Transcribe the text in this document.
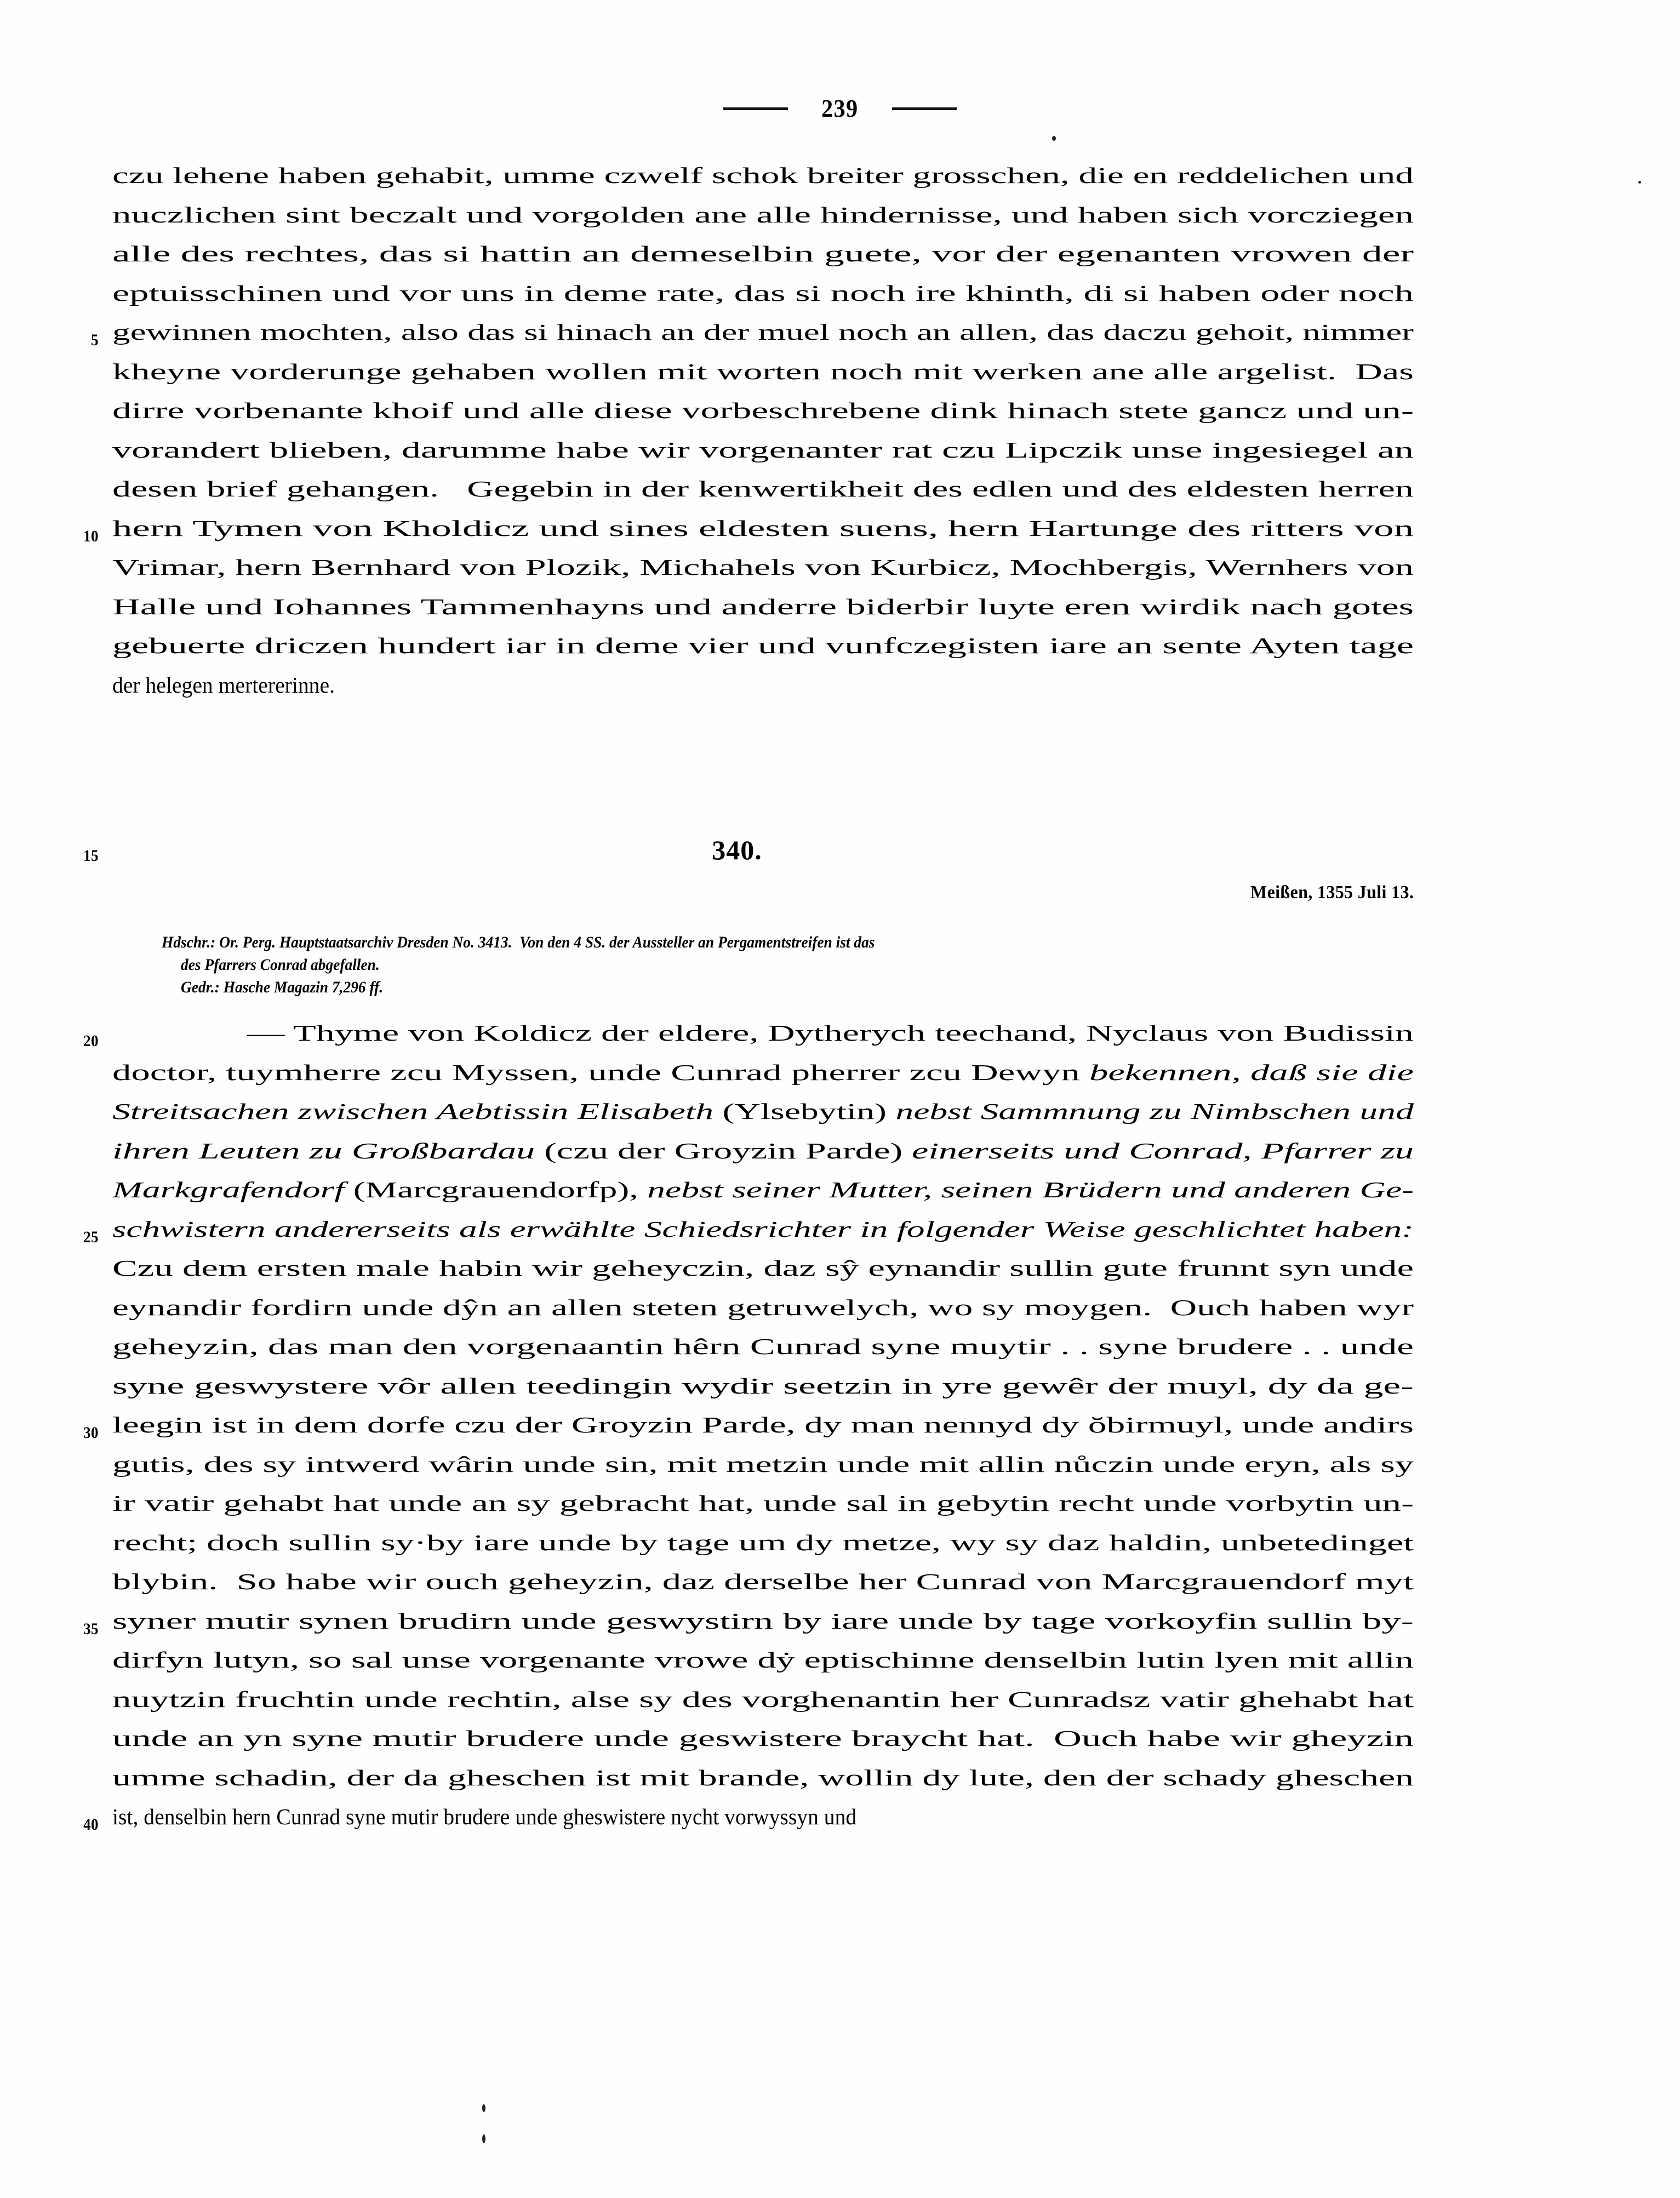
239
czu lehene haben gehabit, umme czwelf schok breiter grosschen, die en reddelichen und
nuczlichen sint beczalt und vorgolden ane alle hindernisse, und haben sich vorcziegen
alle des rechtes, das si hattin an demeselbin guete, vor der egenanten vrowen der
eptuisschinen und vor uns in deme rate, das si noch ire khinth, di si haben oder noch
5 gewinnen mochten, also das si hinach an der muel noch an allen, das daczu gehoit, nimmer
kheyne vorderunge gehaben wollen mit worten noch mit werken ane alle argelist.  Das
dirre vorbenante khoif und alle diese vorbeschrebene dink hinach stete gancz und un-
vorandert blieben, darumme habe wir vorgenanter rat czu Lipczik unse ingesiegel an
desen brief gehangen.   Gegebin in der kenwertikheit des edlen und des eldesten herren
10 hern Tymen von Kholdicz und sines eldesten suens, hern Hartunge des ritters von
Vrimar, hern Bernhard von Plozik, Michahels von Kurbicz, Mochbergis, Wernhers von
Halle und Iohannes Tammenhayns und anderre biderbir luyte eren wirdik nach gotes
gebuerte driczen hundert iar in deme vier und vunfczegisten iare an sente Ayten tage
der helegen mertererinne.
15	340.
Meißen, 1355 Juli 13.
Hdschr.: Or. Perg. Hauptstaatsarchiv Dresden No. 3413.  Von den 4 SS. der Aussteller an Pergamentstreifen ist das
des Pfarrers Conrad abgefallen.
Gedr.: Hasche Magazin 7,296 ff.
20	— Thyme von Koldicz der eldere, Dytherych teechand, Nyclaus von Budissin
doctor, tuymherre zcu Myssen, unde Cunrad pherrer zcu Dewyn bekennen, daß sie die
Streitsachen zwischen Aebtissin Elisabeth (Ylsebytin) nebst Sammnung zu Nimbschen und
ihren Leuten zu Großbardau (czu der Groyzin Parde) einerseits und Conrad, Pfarrer zu
Markgrafendorf (Marcgrauendorfp), nebst seiner Mutter, seinen Brüdern und anderen Ge-
25 schwistern andererseits als erwählte Schiedsrichter in folgender Weise geschlichtet haben:
Czu dem ersten male habin wir geheyczin, daz sŷ eynandir sullin gute frunnt syn unde
eynandir fordirn unde dŷn an allen steten getruwelych, wo sy moygen.  Ouch haben wyr
geheyzin, das man den vorgenaantin hêrn Cunrad syne muytir . . syne brudere . . unde
syne geswystere vôr allen teedingin wydir seetzin in yre gewêr der muyl, dy da ge-
30 leegin ist in dem dorfe czu der Groyzin Parde, dy man nennyd dy ŏbirmuyl, unde andirs
gutis, des sy intwerd wârin unde sin, mit metzin unde mit allin nůczin unde eryn, als sy
ir vatir gehabt hat unde an sy gebracht hat, unde sal in gebytin recht unde vorbytin un-
recht; doch sullin sy·by iare unde by tage um dy metze, wy sy daz haldin, unbetedinget
blybin.  So habe wir ouch geheyzin, daz derselbe her Cunrad von Marcgrauendorf myt
35 syner mutir synen brudirn unde geswystirn by iare unde by tage vorkoyfin sullin by-
dirfyn lutyn, so sal unse vorgenante vrowe dẏ eptischinne denselbin lutin lyen mit allin
nuytzin fruchtin unde rechtin, alse sy des vorghenantin her Cunradsz vatir ghehabt hat
unde an yn syne mutir brudere unde geswistere braycht hat.  Ouch habe wir gheyzin
umme schadin, der da gheschen ist mit brande, wollin dy lute, den der schady gheschen
40 ist, denselbin hern Cunrad syne mutir brudere unde gheswistere nycht vorwyssyn und
